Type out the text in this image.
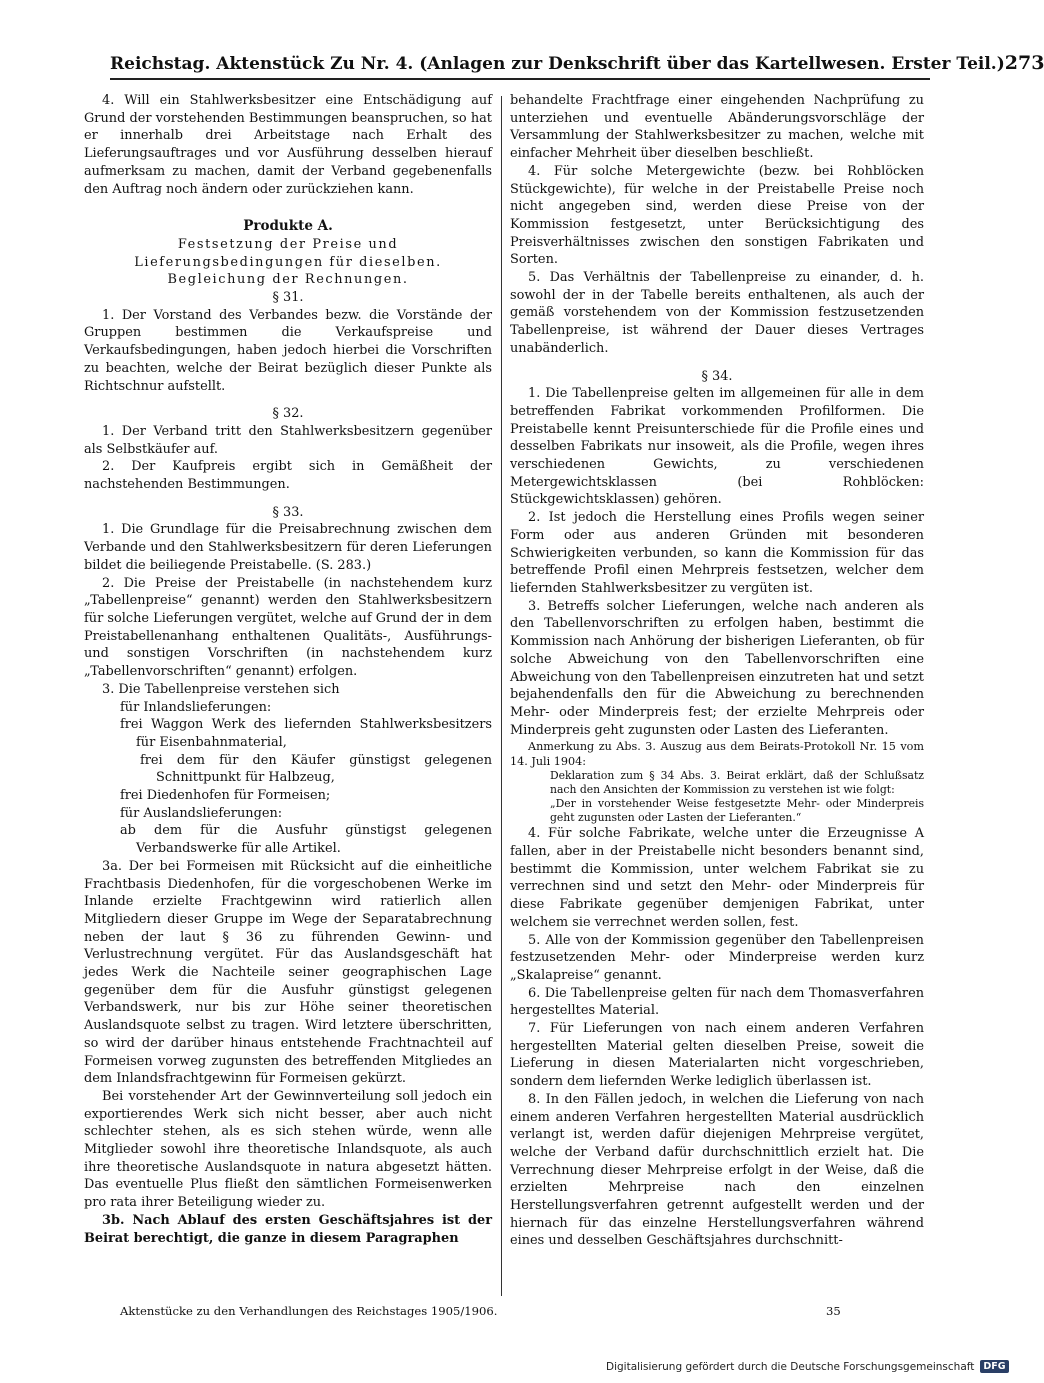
Reichstag. Aktenstück Zu Nr. 4. (Anlagen zur Denkschrift über das Kartellwesen. Erster Teil.) 273

4. Will ein Stahlwerksbesitzer eine Entschädigung auf Grund der vorstehenden Bestimmungen beanspruchen, so hat er innerhalb drei Arbeitstage nach Erhalt des Lieferungsauftrages und vor Ausführung desselben hierauf aufmerksam zu machen, damit der Verband gegebenenfalls den Auftrag noch ändern oder zurückziehen kann.

Produkte A.

Festsetzung der Preise und Lieferungsbedingungen für dieselben. Begleichung der Rechnungen.

§ 31.

1. Der Vorstand des Verbandes bezw. die Vorstände der Gruppen bestimmen die Verkaufspreise und Verkaufsbedingungen, haben jedoch hierbei die Vorschriften zu beachten, welche der Beirat bezüglich dieser Punkte als Richtschnur aufstellt.

§ 32.

1. Der Verband tritt den Stahlwerksbesitzern gegenüber als Selbstkäufer auf.

2. Der Kaufpreis ergibt sich in Gemäßheit der nachstehenden Bestimmungen.

§ 33.

1. Die Grundlage für die Preisabrechnung zwischen dem Verbande und den Stahlwerksbesitzern für deren Lieferungen bildet die beiliegende Preistabelle. (S. 283.)

2. Die Preise der Preistabelle (in nachstehendem kurz „Tabellenpreise“ genannt) werden den Stahlwerksbesitzern für solche Lieferungen vergütet, welche auf Grund der in dem Preistabellenanhang enthaltenen Qualitäts-, Ausführungs- und sonstigen Vorschriften (in nachstehendem kurz „Tabellenvorschriften“ genannt) erfolgen.

3. Die Tabellenpreise verstehen sich

für Inlandslieferungen:

frei Waggon Werk des liefernden Stahlwerksbesitzers für Eisenbahnmaterial,

frei dem für den Käufer günstigst gelegenen Schnittpunkt für Halbzeug,

frei Diedenhofen für Formeisen;

für Auslandslieferungen:

ab dem für die Ausfuhr günstigst gelegenen Verbandswerke für alle Artikel.

3a. Der bei Formeisen mit Rücksicht auf die einheitliche Frachtbasis Diedenhofen, für die vorgeschobenen Werke im Inlande erzielte Frachtgewinn wird ratierlich allen Mitgliedern dieser Gruppe im Wege der Separatabrechnung neben der laut § 36 zu führenden Gewinn- und Verlustrechnung vergütet. Für das Auslandsgeschäft hat jedes Werk die Nachteile seiner geographischen Lage gegenüber dem für die Ausfuhr günstigst gelegenen Verbandswerk, nur bis zur Höhe seiner theoretischen Auslandsquote selbst zu tragen. Wird letztere überschritten, so wird der darüber hinaus entstehende Frachtnachteil auf Formeisen vorweg zugunsten des betreffenden Mitgliedes an dem Inlandsfrachtgewinn für Formeisen gekürzt.

Bei vorstehender Art der Gewinnverteilung soll jedoch ein exportierendes Werk sich nicht besser, aber auch nicht schlechter stehen, als es sich stehen würde, wenn alle Mitglieder sowohl ihre theoretische Inlandsquote, als auch ihre theoretische Auslandsquote in natura abgesetzt hätten. Das eventuelle Plus fließt den sämtlichen Formeisenwerken pro rata ihrer Beteiligung wieder zu.

3b. Nach Ablauf des ersten Geschäftsjahres ist der Beirat berechtigt, die ganze in diesem Paragraphen

behandelte Frachtfrage einer eingehenden Nachprüfung zu unterziehen und eventuelle Abänderungsvorschläge der Versammlung der Stahlwerksbesitzer zu machen, welche mit einfacher Mehrheit über dieselben beschließt.

4. Für solche Metergewichte (bezw. bei Rohblöcken Stückgewichte), für welche in der Preistabelle Preise noch nicht angegeben sind, werden diese Preise von der Kommission festgesetzt, unter Berücksichtigung des Preisverhältnisses zwischen den sonstigen Fabrikaten und Sorten.

5. Das Verhältnis der Tabellenpreise zu einander, d. h. sowohl der in der Tabelle bereits enthaltenen, als auch der gemäß vorstehendem von der Kommission festzusetzenden Tabellenpreise, ist während der Dauer dieses Vertrages unabänderlich.

§ 34.

1. Die Tabellenpreise gelten im allgemeinen für alle in dem betreffenden Fabrikat vorkommenden Profilformen. Die Preistabelle kennt Preisunterschiede für die Profile eines und desselben Fabrikats nur insoweit, als die Profile, wegen ihres verschiedenen Gewichts, zu verschiedenen Metergewichtsklassen (bei Rohblöcken: Stückgewichtsklassen) gehören.

2. Ist jedoch die Herstellung eines Profils wegen seiner Form oder aus anderen Gründen mit besonderen Schwierigkeiten verbunden, so kann die Kommission für das betreffende Profil einen Mehrpreis festsetzen, welcher dem liefernden Stahlwerksbesitzer zu vergüten ist.

3. Betreffs solcher Lieferungen, welche nach anderen als den Tabellenvorschriften zu erfolgen haben, bestimmt die Kommission nach Anhörung der bisherigen Lieferanten, ob für solche Abweichung von den Tabellenvorschriften eine Abweichung von den Tabellenpreisen einzutreten hat und setzt bejahendenfalls den für die Abweichung zu berechnenden Mehr- oder Minderpreis fest; der erzielte Mehrpreis oder Minderpreis geht zugunsten oder Lasten des Lieferanten.

Anmerkung zu Abs. 3. Auszug aus dem Beirats-Protokoll Nr. 15 vom 14. Juli 1904:

Deklaration zum § 34 Abs. 3. Beirat erklärt, daß der Schlußsatz nach den Ansichten der Kommission zu verstehen ist wie folgt:

„Der in vorstehender Weise festgesetzte Mehr- oder Minderpreis geht zugunsten oder Lasten der Lieferanten.“

4. Für solche Fabrikate, welche unter die Erzeugnisse A fallen, aber in der Preistabelle nicht besonders benannt sind, bestimmt die Kommission, unter welchem Fabrikat sie zu verrechnen sind und setzt den Mehr- oder Minderpreis für diese Fabrikate gegenüber demjenigen Fabrikat, unter welchem sie verrechnet werden sollen, fest.

5. Alle von der Kommission gegenüber den Tabellenpreisen festzusetzenden Mehr- oder Minderpreise werden kurz „Skalapreise“ genannt.

6. Die Tabellenpreise gelten für nach dem Thomasverfahren hergestelltes Material.

7. Für Lieferungen von nach einem anderen Verfahren hergestellten Material gelten dieselben Preise, soweit die Lieferung in diesen Materialarten nicht vorgeschrieben, sondern dem liefernden Werke lediglich überlassen ist.

8. In den Fällen jedoch, in welchen die Lieferung von nach einem anderen Verfahren hergestellten Material ausdrücklich verlangt ist, werden dafür diejenigen Mehrpreise vergütet, welche der Verband dafür durchschnittlich erzielt hat. Die Verrechnung dieser Mehrpreise erfolgt in der Weise, daß die erzielten Mehrpreise nach den einzelnen Herstellungsverfahren getrennt aufgestellt werden und der hiernach für das einzelne Herstellungsverfahren während eines und desselben Geschäftsjahres durchschnitt-

Aktenstücke zu den Verhandlungen des Reichstages 1905/1906.	35
Digitalisierung gefördert durch die Deutsche Forschungsgemeinschaft DFG
